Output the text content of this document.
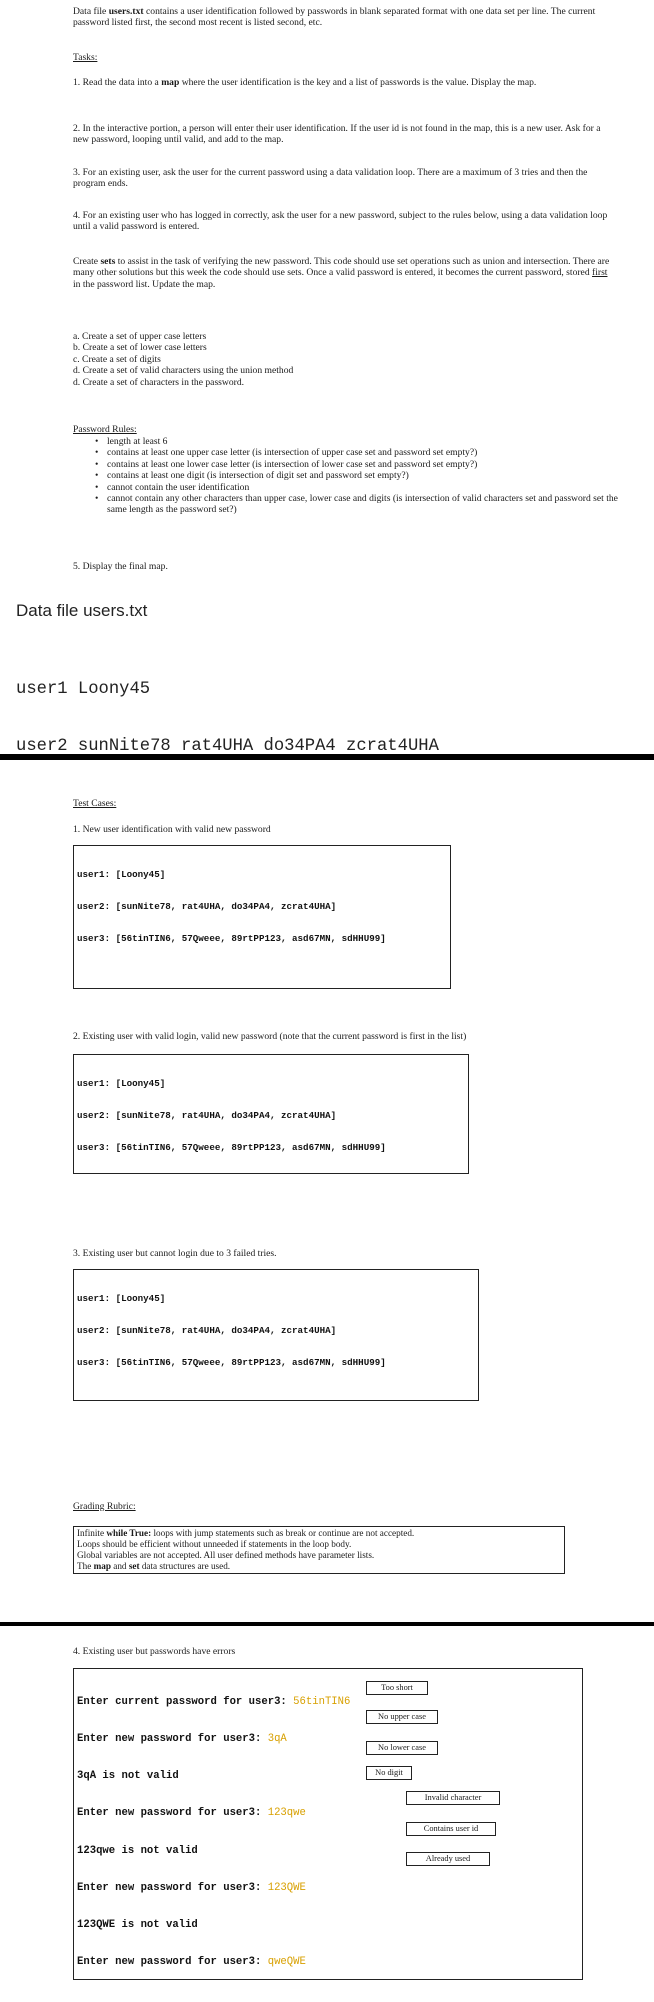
Data file users.txt contains a user identification followed by passwords in blank separated format with one data set per line. The current password listed first, the second most recent is listed second, etc.
Tasks:
1. Read the data into a map where the user identification is the key and a list of passwords is the value. Display the map.
2. In the interactive portion, a person will enter their user identification. If the user id is not found in the map, this is a new user. Ask for a new password, looping until valid, and add to the map.
3. For an existing user, ask the user for the current password using a data validation loop. There are a maximum of 3 tries and then the program ends.
4. For an existing user who has logged in correctly, ask the user for a new password, subject to the rules below, using a data validation loop until a valid password is entered.
Create sets to assist in the task of verifying the new password. This code should use set operations such as union and intersection. There are many other solutions but this week the code should use sets. Once a valid password is entered, it becomes the current password, stored first in the password list. Update the map.
a. Create a set of upper case letters
b. Create a set of lower case letters
c. Create a set of digits
d. Create a set of valid characters using the union method
d. Create a set of characters in the password.
Password Rules:
• length at least 6
• contains at least one upper case letter (is intersection of upper case set and password set empty?)
• contains at least one lower case letter (is intersection of lower case set and password set empty?)
• contains at least one digit (is intersection of digit set and password set empty?)
• cannot contain the user identification
• cannot contain any other characters than upper case, lower case and digits (is intersection of valid characters set and password set the same length as the password set?)
5. Display the final map.
Data file users.txt

user1 Loony45

user2 sunNite78 rat4UHA do34PA4 zcrat4UHA

Test Cases:
1. New user identification with valid new password

user1: [Loony45]

user2: [sunNite78, rat4UHA, do34PA4, zcrat4UHA]

user3: [56tinTIN6, 57Qweee, 89rtPP123, asd67MN, sdHHU99]

2. Existing user with valid login, valid new password (note that the current password is first in the list)

user1: [Loony45]

user2: [sunNite78, rat4UHA, do34PA4, zcrat4UHA]

user3: [56tinTIN6, 57Qweee, 89rtPP123, asd67MN, sdHHU99]

3. Existing user but cannot login due to 3 failed tries.

user1: [Loony45]

user2: [sunNite78, rat4UHA, do34PA4, zcrat4UHA]

user3: [56tinTIN6, 57Qweee, 89rtPP123, asd67MN, sdHHU99]

Grading Rubric:
Infinite while True: loops with jump statements such as break or continue are not accepted.
Loops should be efficient without unneeded if statements in the loop body.
Global variables are not accepted. All user defined methods have parameter lists.
The map and set data structures are used.
4. Existing user but passwords have errors

Enter current password for user3: 56tinTIN6

Enter new password for user3: 3qA

3qA is not valid

Enter new password for user3: 123qwe

123qwe is not valid

Enter new password for user3: 123QWE

123QWE is not valid

Enter new password for user3: qweQWE

Too short
No upper case
No lower case
No digit
Invalid character
Contains user id
Already used
